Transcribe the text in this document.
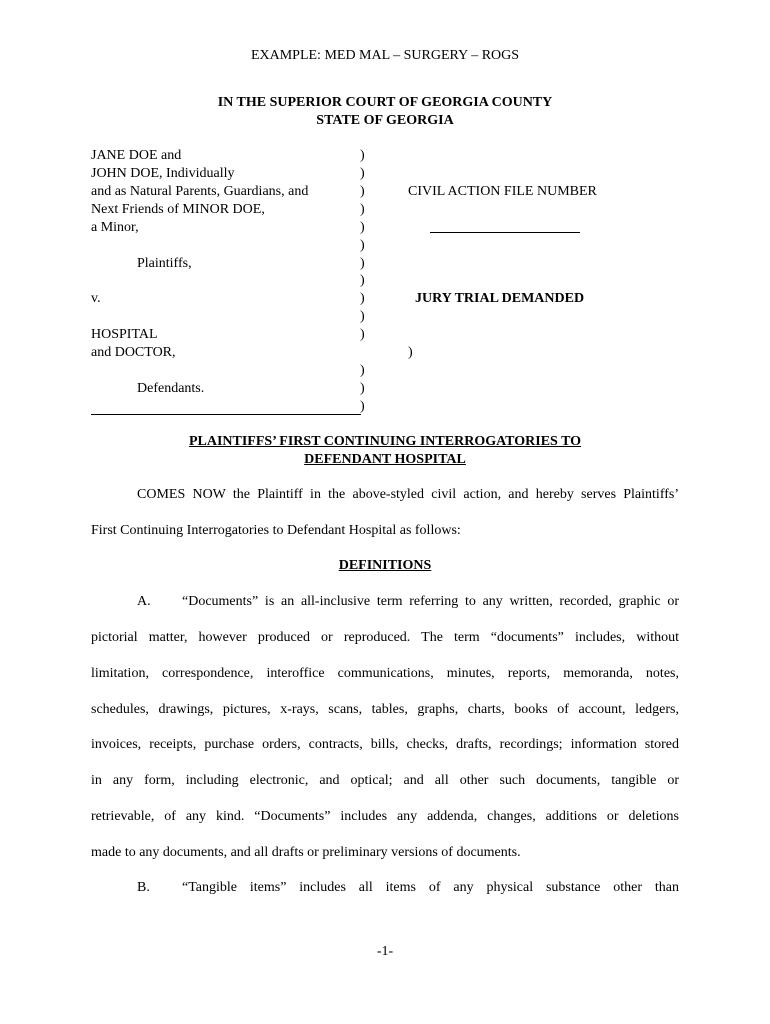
EXAMPLE: MED MAL – SURGERY – ROGS
IN THE SUPERIOR COURT OF GEORGIA COUNTY
STATE OF GEORGIA
JANE DOE and
JOHN DOE, Individually
and as Natural Parents, Guardians, and
Next Friends of MINOR DOE,
a Minor,
Plaintiffs,
v.
HOSPITAL
and DOCTOR,
Defendants.
)
)
)
)
)
)
)
)
)
)
)
)
)
)
)
CIVIL ACTION FILE NUMBER
JURY TRIAL DEMANDED
PLAINTIFFS’ FIRST CONTINUING INTERROGATORIES TO
DEFENDANT HOSPITAL
COMES NOW the Plaintiff in the above-styled civil action, and hereby serves Plaintiffs’
First Continuing Interrogatories to Defendant Hospital as follows:
DEFINITIONS
A. “Documents” is an all-inclusive term referring to any written, recorded, graphic or
pictorial matter, however produced or reproduced. The term “documents” includes, without
limitation, correspondence, interoffice communications, minutes, reports, memoranda, notes,
schedules, drawings, pictures, x-rays, scans, tables, graphs, charts, books of account, ledgers,
invoices, receipts, purchase orders, contracts, bills, checks, drafts, recordings; information stored
in any form, including electronic, and optical; and all other such documents, tangible or
retrievable, of any kind. “Documents” includes any addenda, changes, additions or deletions
made to any documents, and all drafts or preliminary versions of documents.
B. “Tangible items” includes all items of any physical substance other than
-1-
